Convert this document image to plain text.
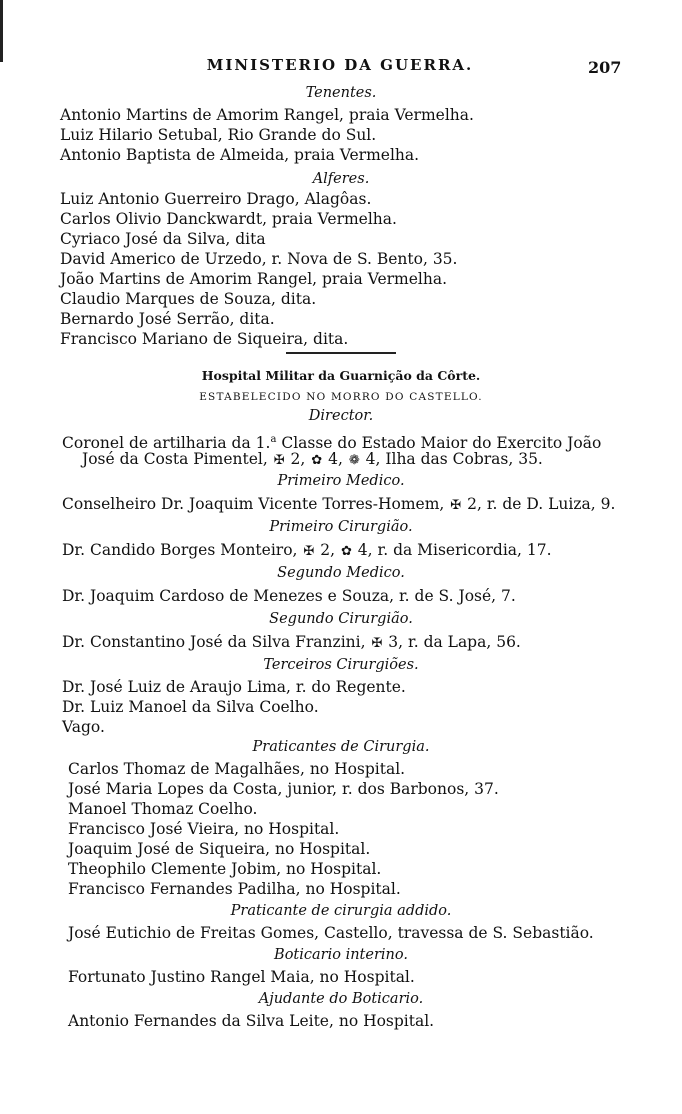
MINISTERIO DA GUERRA.	207
Tenentes.
Antonio Martins de Amorim Rangel, praia Vermelha.
Luiz Hilario Setubal, Rio Grande do Sul.
Antonio Baptista de Almeida, praia Vermelha.
Alferes.
Luiz Antonio Guerreiro Drago, Alagôas.
Carlos Olivio Danckwardt, praia Vermelha.
Cyriaco José da Silva, dita
David Americo de Urzedo, r. Nova de S. Bento, 35.
João Martins de Amorim Rangel, praia Vermelha.
Claudio Marques de Souza, dita.
Bernardo José Serrão, dita.
Francisco Mariano de Siqueira, dita.
Hospital Militar da Guarnição da Côrte.
ESTABELECIDO NO MORRO DO CASTELLO.
Director.
Coronel de artilharia da 1.$^a$ Classe do Estado Maior do Exercito João
José da Costa Pimentel, ✠ 2, ✿ 4, ❁ 4, Ilha das Cobras, 35.
Primeiro Medico.
Conselheiro Dr. Joaquim Vicente Torres-Homem, ✠ 2, r. de D. Luiza, 9.
Primeiro Cirurgião.
Dr. Candido Borges Monteiro, ✠ 2, ✿ 4, r. da Misericordia, 17.
Segundo Medico.
Dr. Joaquim Cardoso de Menezes e Souza, r. de S. José, 7.
Segundo Cirurgião.
Dr. Constantino José da Silva Franzini, ✠ 3, r. da Lapa, 56.
Terceiros Cirurgiões.
Dr. José Luiz de Araujo Lima, r. do Regente.
Dr. Luiz Manoel da Silva Coelho.
Vago.
Praticantes de Cirurgia.
Carlos Thomaz de Magalhães, no Hospital.
José Maria Lopes da Costa, junior, r. dos Barbonos, 37.
Manoel Thomaz Coelho.
Francisco José Vieira, no Hospital.
Joaquim José de Siqueira, no Hospital.
Theophilo Clemente Jobim, no Hospital.
Francisco Fernandes Padilha, no Hospital.
Praticante de cirurgia addido.
José Eutichio de Freitas Gomes, Castello, travessa de S. Sebastião.
Boticario interino.
Fortunato Justino Rangel Maia, no Hospital.
Ajudante do Boticario.
Antonio Fernandes da Silva Leite, no Hospital.
